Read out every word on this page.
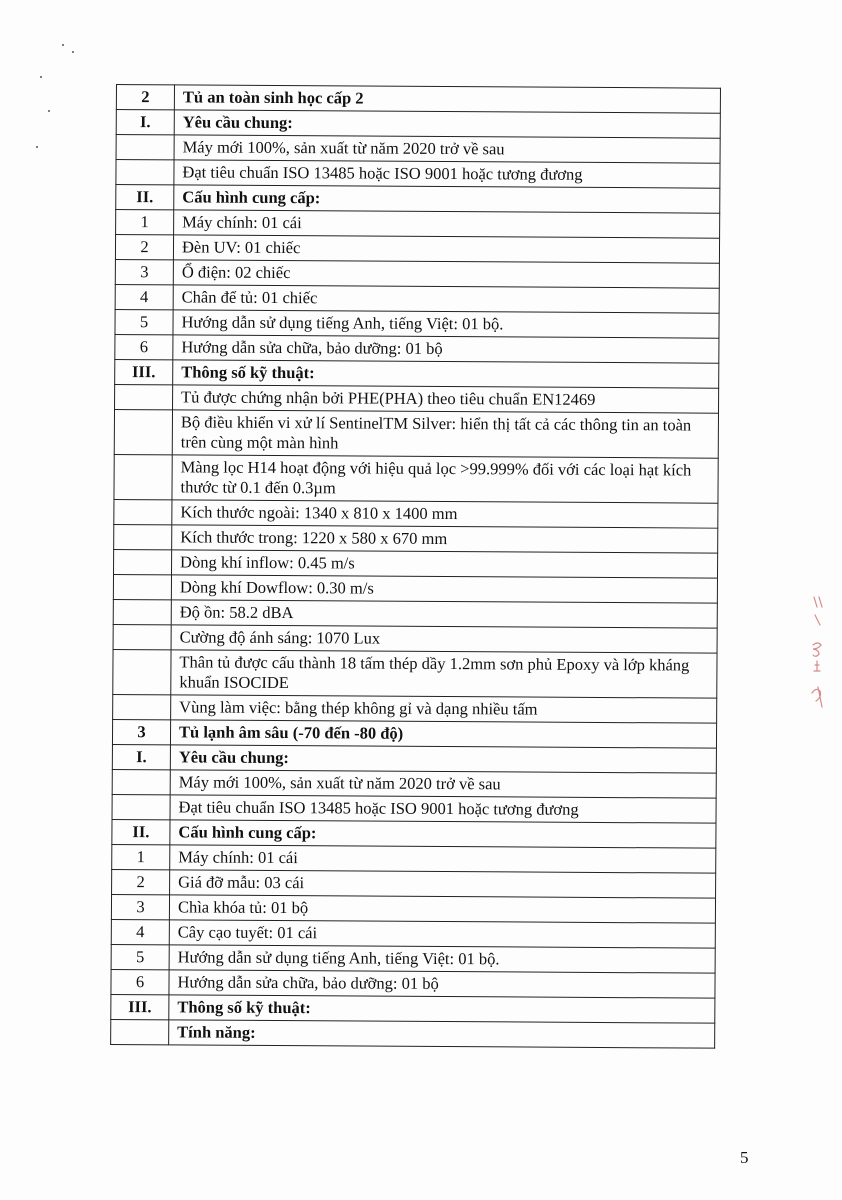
2	Tủ an toàn sinh học cấp 2
I.	Yêu cầu chung:
	Máy mới 100%, sản xuất từ năm 2020 trở về sau
	Đạt tiêu chuẩn ISO 13485 hoặc ISO 9001 hoặc tương đương
II.	Cấu hình cung cấp:
1	Máy chính: 01 cái
2	Đèn UV: 01 chiếc
3	Ổ điện: 02 chiếc
4	Chân để tủ: 01 chiếc
5	Hướng dẫn sử dụng tiếng Anh, tiếng Việt: 01 bộ.
6	Hướng dẫn sửa chữa, bảo dưỡng: 01 bộ
III.	Thông số kỹ thuật:
	Tủ được chứng nhận bởi PHE(PHA) theo tiêu chuẩn EN12469
	Bộ điều khiển vi xử lí SentinelTM Silver: hiển thị tất cả các thông tin an toàn trên cùng một màn hình
	Màng lọc H14 hoạt động với hiệu quả lọc >99.999% đối với các loại hạt kích thước từ 0.1 đến 0.3µm
	Kích thước ngoài: 1340 x 810 x 1400 mm
	Kích thước trong: 1220 x 580 x 670 mm
	Dòng khí inflow: 0.45 m/s
	Dòng khí Dowflow: 0.30 m/s
	Độ ồn: 58.2 dBA
	Cường độ ánh sáng: 1070 Lux
	Thân tủ được cấu thành 18 tấm thép dầy 1.2mm sơn phủ Epoxy và lớp kháng khuẩn ISOCIDE
	Vùng làm việc: bằng thép không gỉ và dạng nhiều tấm
3	Tủ lạnh âm sâu (-70 đến -80 độ)
I.	Yêu cầu chung:
	Máy mới 100%, sản xuất từ năm 2020 trở về sau
	Đạt tiêu chuẩn ISO 13485 hoặc ISO 9001 hoặc tương đương
II.	Cấu hình cung cấp:
1	Máy chính: 01 cái
2	Giá đỡ mẫu: 03 cái
3	Chìa khóa tủ: 01 bộ
4	Cây cạo tuyết: 01 cái
5	Hướng dẫn sử dụng tiếng Anh, tiếng Việt: 01 bộ.
6	Hướng dẫn sửa chữa, bảo dưỡng: 01 bộ
III.	Thông số kỹ thuật:
	Tính năng:
5
